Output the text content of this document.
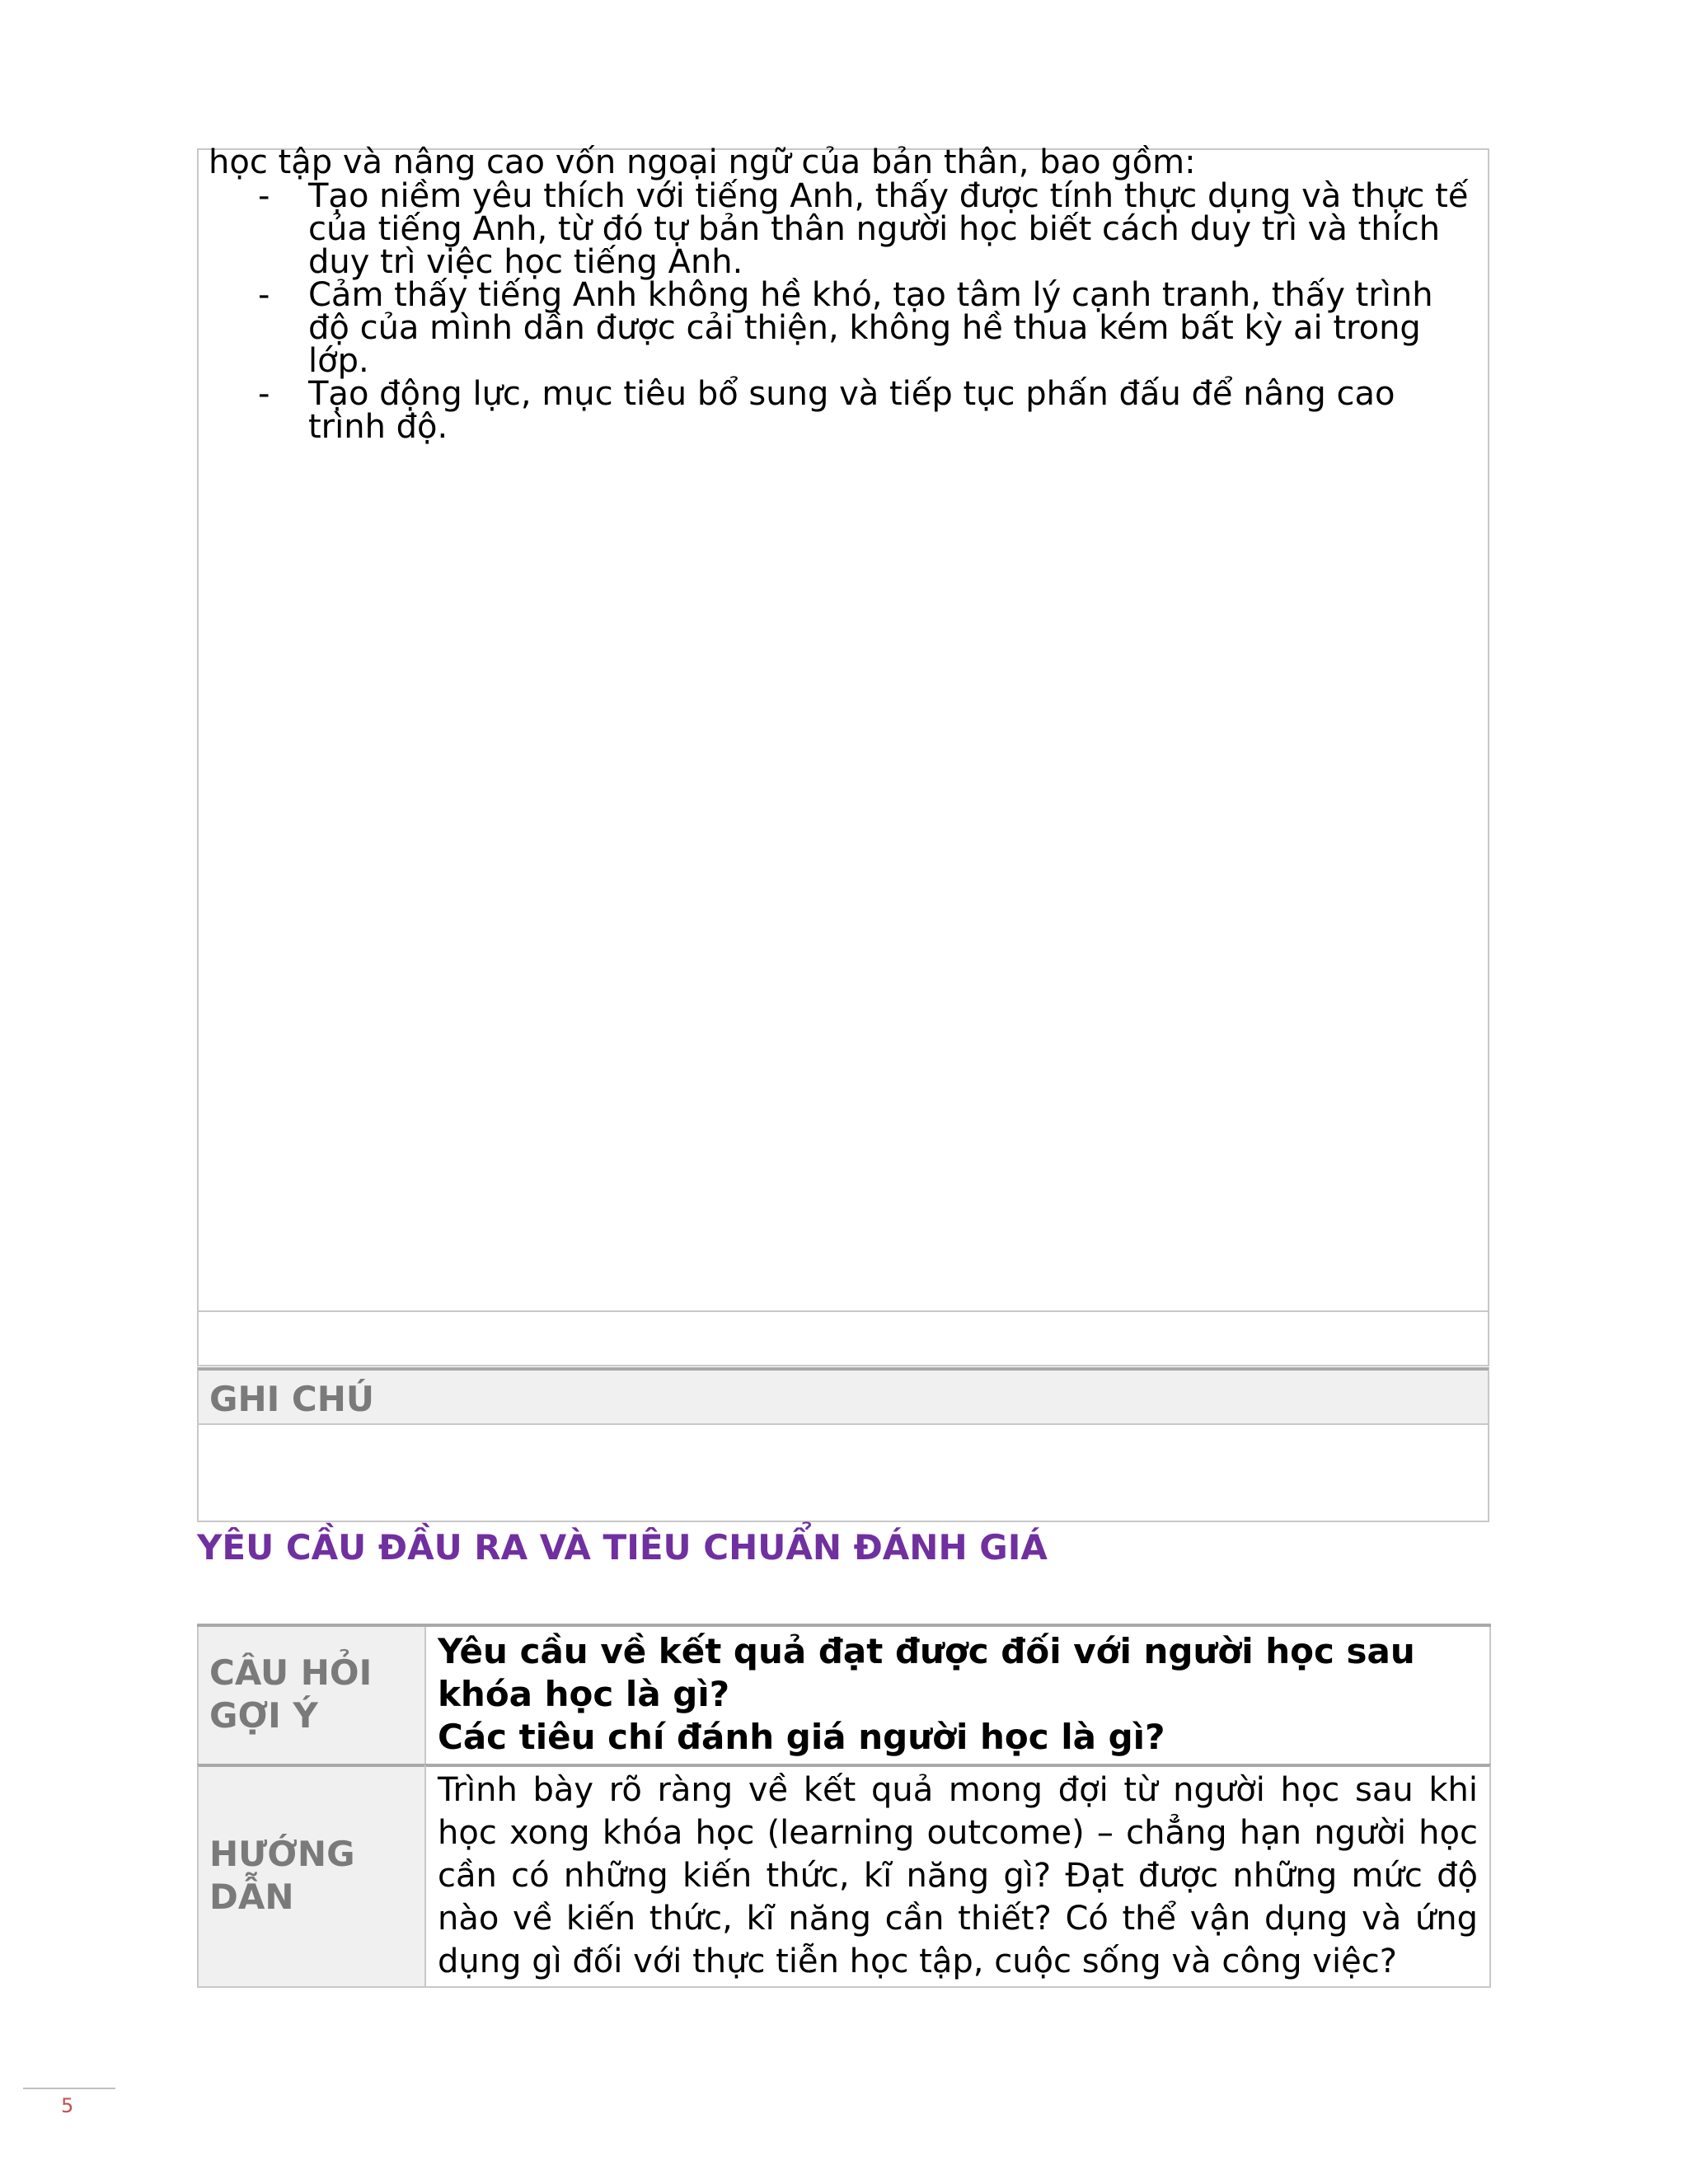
học tập và nâng cao vốn ngoại ngữ của bản thân, bao gồm:
- Tạo niềm yêu thích với tiếng Anh, thấy được tính thực dụng và thực tế của tiếng Anh, từ đó tự bản thân người học biết cách duy trì và thích duy trì việc học tiếng Anh.
- Cảm thấy tiếng Anh không hề khó, tạo tâm lý cạnh tranh, thấy trình độ của mình dần được cải thiện, không hề thua kém bất kỳ ai trong lớp.
- Tạo động lực, mục tiêu bổ sung và tiếp tục phấn đấu để nâng cao trình độ.
GHI CHÚ
YÊU CẦU ĐẦU RA VÀ TIÊU CHUẨN ĐÁNH GIÁ
CÂU HỎI
GỢI Ý
Yêu cầu về kết quả đạt được đối với người học sau khóa học là gì?
Các tiêu chí đánh giá người học là gì?
HƯỚNG
DẪN
Trình bày rõ ràng về kết quả mong đợi từ người học sau khi học xong khóa học (learning outcome) – chẳng hạn người học cần có những kiến thức, kĩ năng gì? Đạt được những mức độ nào về kiến thức, kĩ năng cần thiết? Có thể vận dụng và ứng dụng gì đối với thực tiễn học tập, cuộc sống và công việc?
5
